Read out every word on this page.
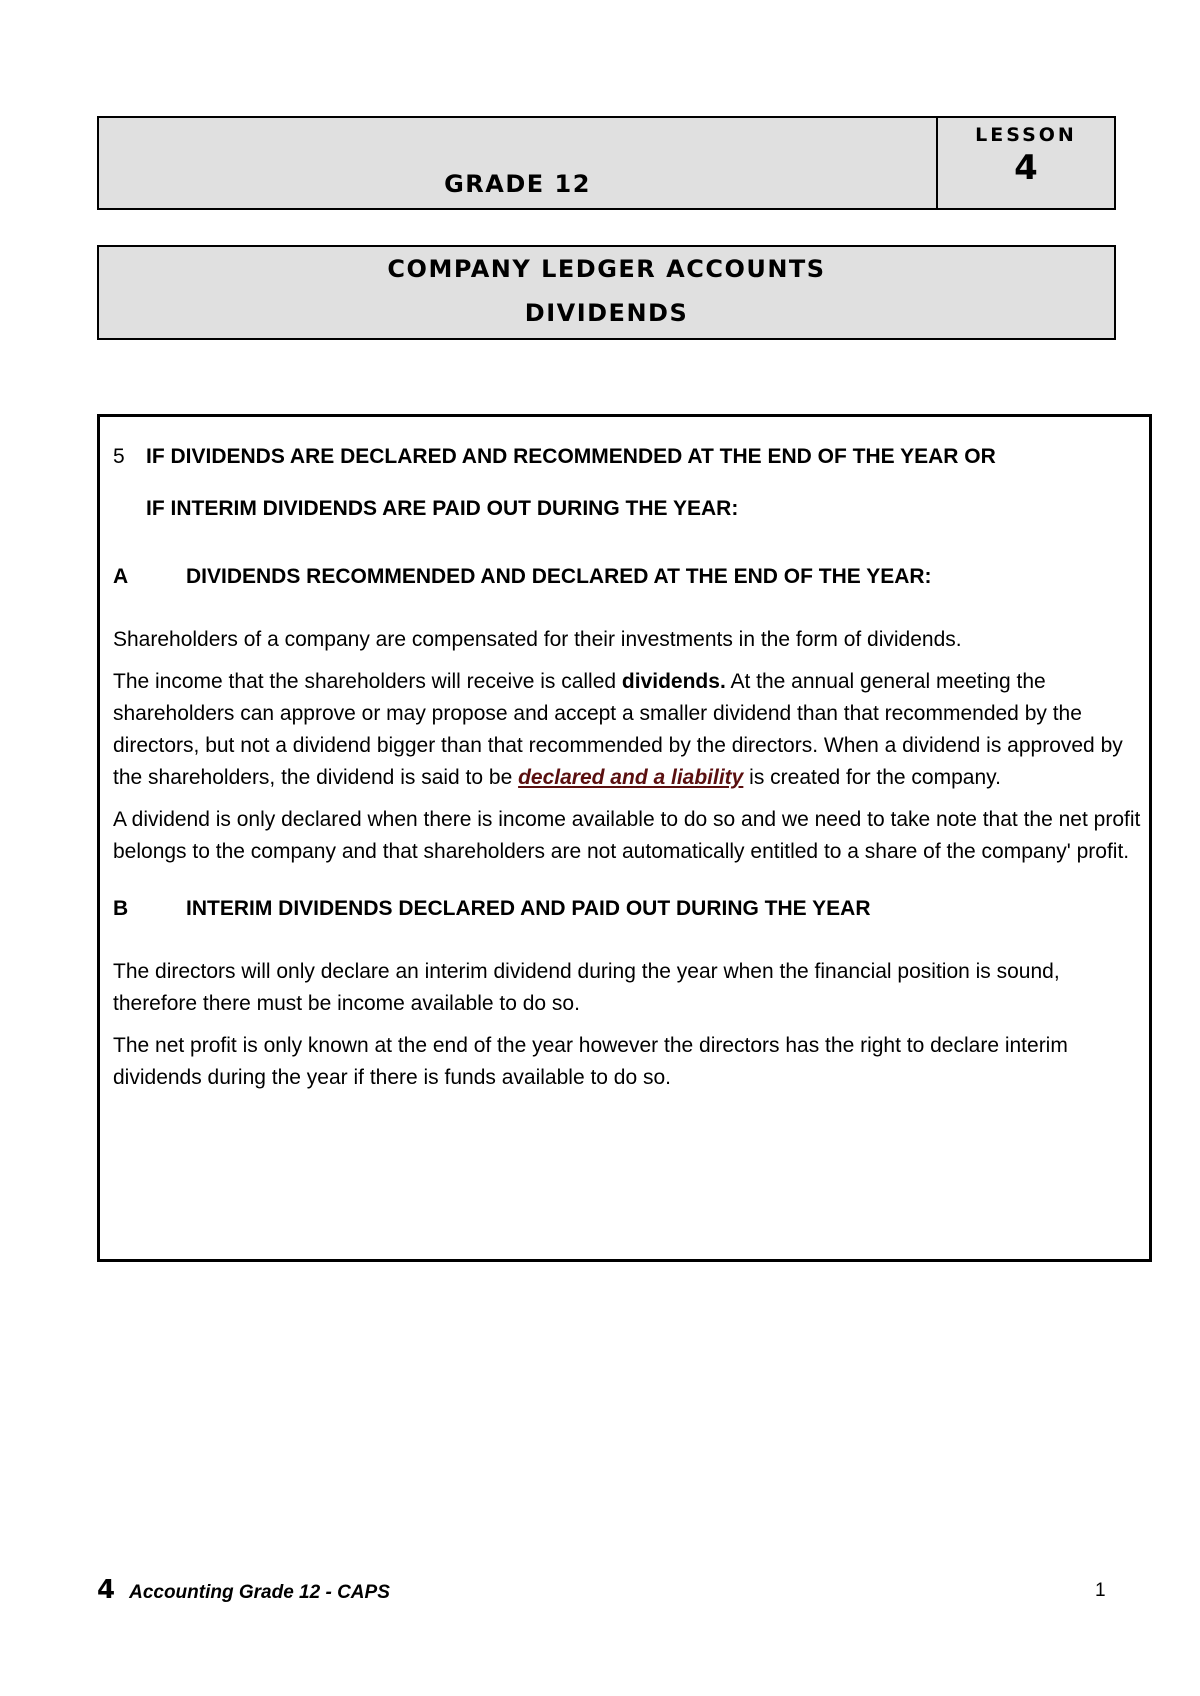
GRADE 12
LESSON
4
COMPANY LEDGER ACCOUNTS
DIVIDENDS
5	IF DIVIDENDS ARE DECLARED AND RECOMMENDED AT THE END OF THE YEAR OR
IF INTERIM DIVIDENDS ARE PAID OUT DURING THE YEAR:
A	DIVIDENDS RECOMMENDED AND DECLARED AT THE END OF THE YEAR:

Shareholders of a company are compensated for their investments in the form of dividends.

The income that the shareholders will receive is called dividends. At the annual general meeting the shareholders can approve or may propose and accept a smaller dividend than that recommended by the directors, but not a dividend bigger than that recommended by the directors. When a dividend is approved by the shareholders, the dividend is said to be declared and a liability is created for the company.

A dividend is only declared when there is income available to do so and we need to take note that the net profit belongs to the company and that shareholders are not automatically entitled to a share of the company' profit.

B	INTERIM DIVIDENDS DECLARED AND PAID OUT DURING THE YEAR

The directors will only declare an interim dividend during the year when the financial position is sound, therefore there must be income available to do so.

The net profit is only known at the end of the year however the directors has the right to declare interim dividends during the year if there is funds available to do so.

4 Accounting Grade 12 - CAPS	1
